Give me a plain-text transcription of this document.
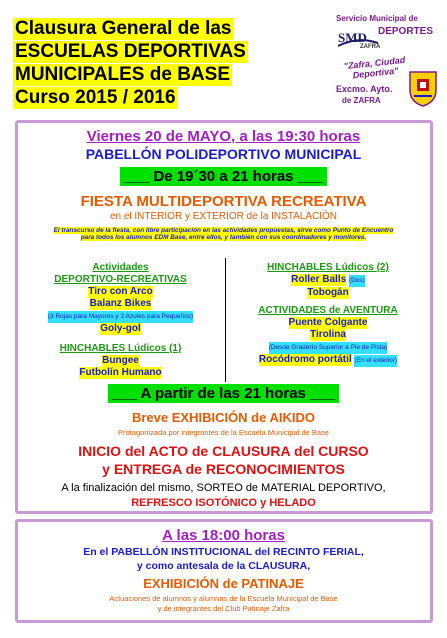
Clausura General de las
ESCUELAS DEPORTIVAS
MUNICIPALES de BASE
Curso 2015 / 2016
Servicio Municipal de
SMD DEPORTES
ZAFRA
"Zafra, Ciudad Deportiva"
Excmo. Ayto.
de ZAFRA
Viernes 20 de MAYO, a las 19:30 horas
PABELLÓN POLIDEPORTIVO MUNICIPAL
___ De 19´30 a 21 horas ___
FIESTA MULTIDEPORTIVA RECREATIVA
en el INTERIOR y EXTERIOR de la INSTALACIÓN
El transcurso de la fiesta, con libre participación en las actividades propuestas, sirve como Punto de Encuentro
para todos los alumnos EDM Base, entre ellos, y también con sus coordinadores y monitores.
Actividades
DEPORTIVO-RECREATIVAS
Tiro con Arco
Balanz Bikes
(3 Rojas para Mayores y 2 Azules para Pequeños)
Goly-gol
HINCHABLES Lúdicos (1)
Bungee
Futbolín Humano
HINCHABLES Lúdicos (2)
Roller Balls (Dos)
Tobogán
ACTIVIDADES de AVENTURA
Puente Colgante
Tirolina
(Desde Graderío Superior a Pie de Pista)
Rocódromo portátil (En el exterior)
___ A partir de las 21 horas ___
Breve EXHIBICIÓN de AIKIDO
Protagonizada por integrantes de la Escuela Municipal de Base
INICIO del ACTO de CLAUSURA del CURSO
y ENTREGA de RECONOCIMIENTOS
A la finalización del mismo, SORTEO de MATERIAL DEPORTIVO,
REFRESCO ISOTÓNICO y HELADO
A las 18:00 horas
En el PABELLÓN INSTITUCIONAL del RECINTO FERIAL,
y como antesala de la CLAUSURA,
EXHIBICIÓN de PATINAJE
Actuaciones de alumnos y alumnas de la Escuela Municipal de Base
y de integrantes del Club Patinaje Zafra
